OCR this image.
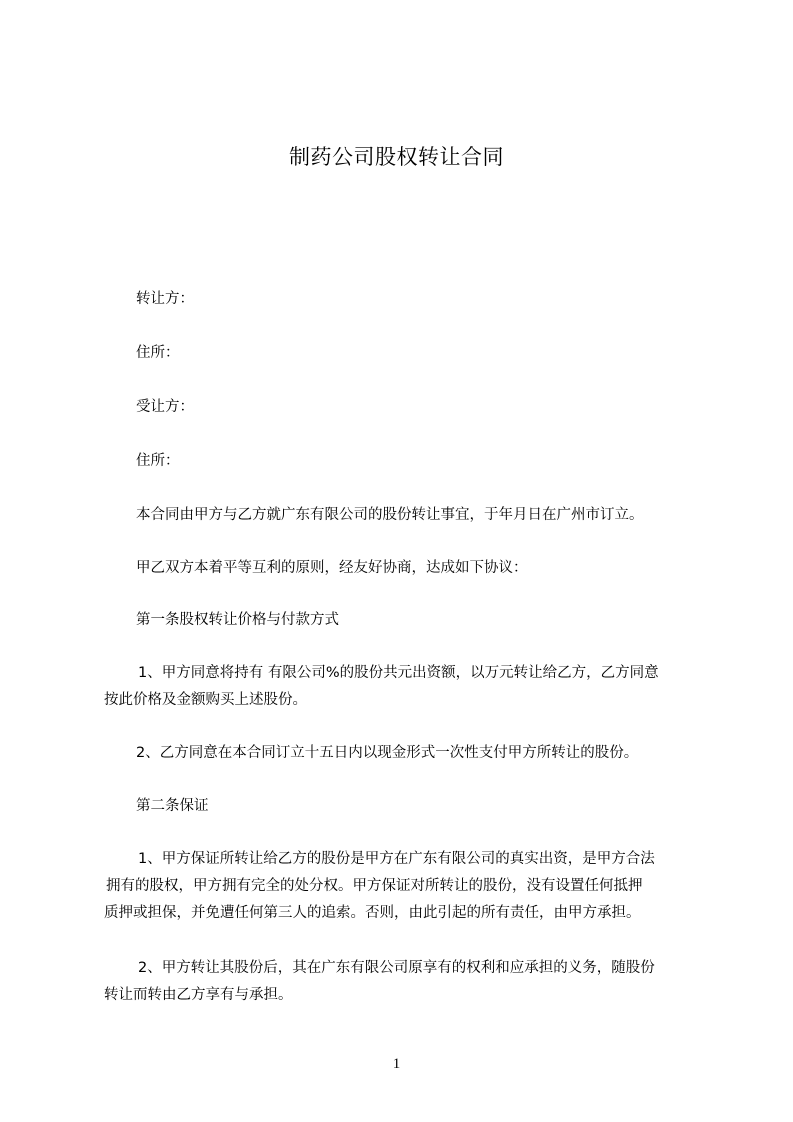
制药公司股权转让合同
转让方：
住所：
受让方：
住所：
本合同由甲方与乙方就广东有限公司的股份转让事宜，于年月日在广州市订立。
甲乙双方本着平等互利的原则，经友好协商，达成如下协议：
第一条股权转让价格与付款方式
1、甲方同意将持有 有限公司%的股份共元出资额，以万元转让给乙方，乙方同意
按此价格及金额购买上述股份。
2、乙方同意在本合同订立十五日内以现金形式一次性支付甲方所转让的股份。
第二条保证
1、甲方保证所转让给乙方的股份是甲方在广东有限公司的真实出资，是甲方合法
拥有的股权，甲方拥有完全的处分权。甲方保证对所转让的股份，没有设置任何抵押
质押或担保，并免遭任何第三人的追索。否则，由此引起的所有责任，由甲方承担。
2、甲方转让其股份后，其在广东有限公司原享有的权利和应承担的义务，随股份
转让而转由乙方享有与承担。
1
